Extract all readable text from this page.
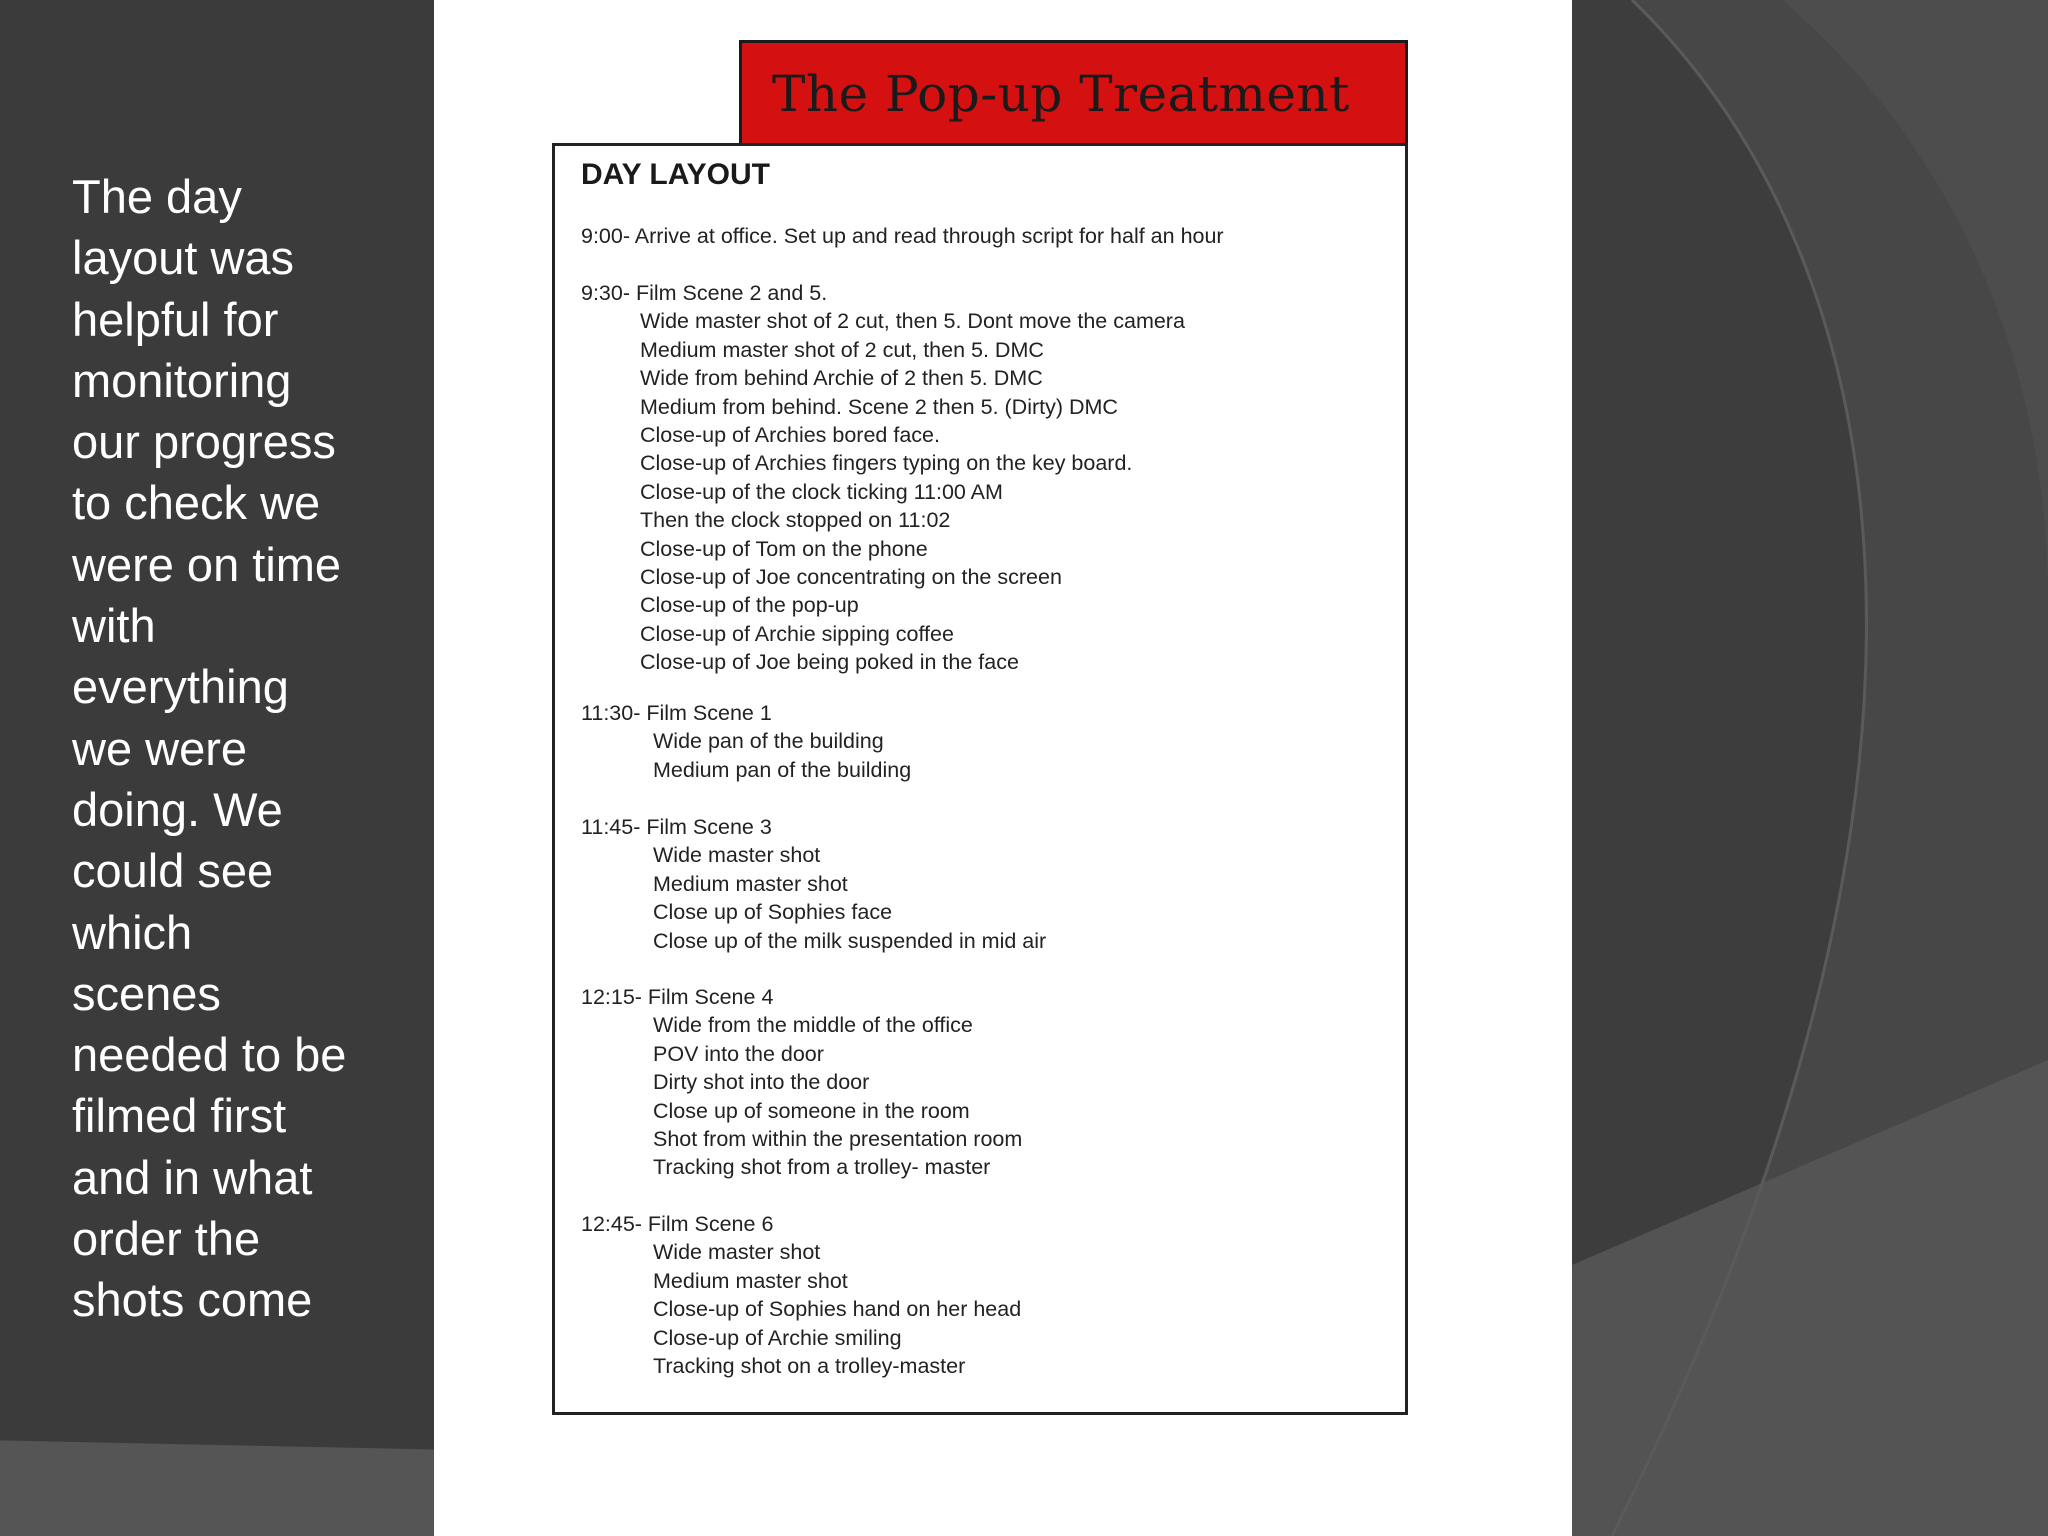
The day
layout was
helpful for
monitoring
our progress
to check we
were on time
with
everything
we were
doing. We
could see
which
scenes
needed to be
filmed first
and in what
order the
shots come
The Pop-up Treatment
DAY LAYOUT
9:00- Arrive at office. Set up and read through script for half an hour
9:30- Film Scene 2 and 5.
Wide master shot of 2 cut, then 5. Dont move the camera
Medium master shot of 2 cut, then 5. DMC
Wide from behind Archie of 2 then 5. DMC
Medium from behind. Scene 2 then 5. (Dirty) DMC
Close-up of Archies bored face.
Close-up of Archies fingers typing on the key board.
Close-up of the clock ticking 11:00 AM
Then the clock stopped on 11:02
Close-up of Tom on the phone
Close-up of Joe concentrating on the screen
Close-up of the pop-up
Close-up of Archie sipping coffee
Close-up of Joe being poked in the face
11:30- Film Scene 1
Wide pan of the building
Medium pan of the building
11:45- Film Scene 3
Wide master shot
Medium master shot
Close up of Sophies face
Close up of the milk suspended in mid air
12:15- Film Scene 4
Wide from the middle of the office
POV into the door
Dirty shot into the door
Close up of someone in the room
Shot from within the presentation room
Tracking shot from a trolley- master
12:45- Film Scene 6
Wide master shot
Medium master shot
Close-up of Sophies hand on her head
Close-up of Archie smiling
Tracking shot on a trolley-master
